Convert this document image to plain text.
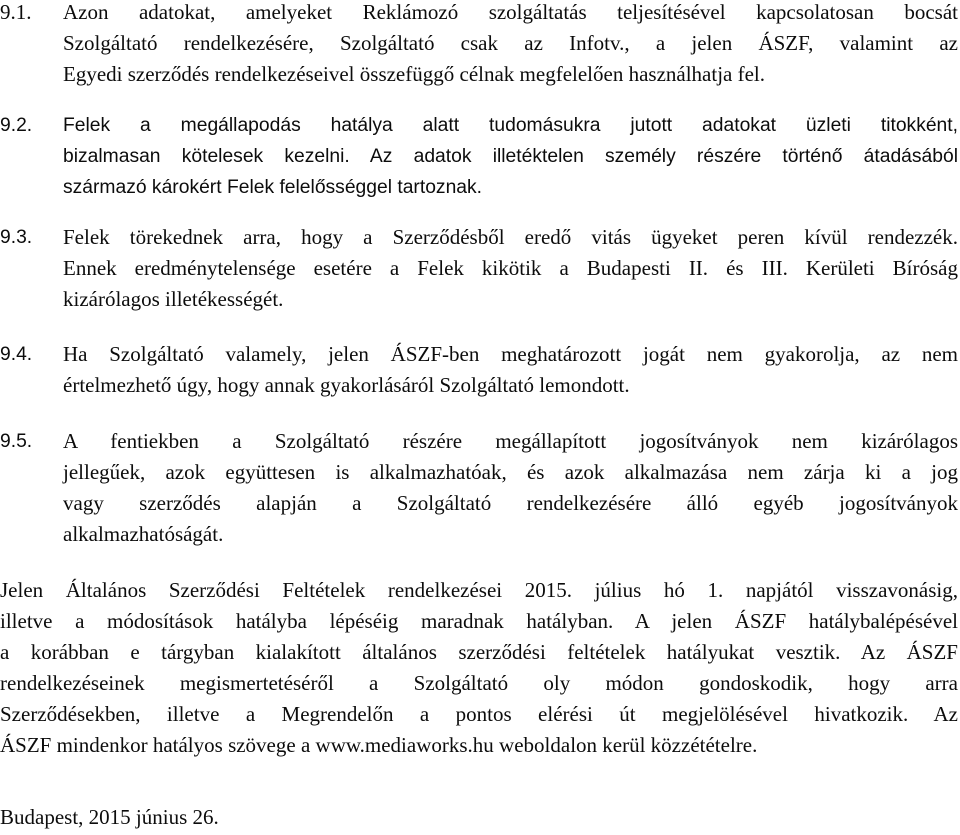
9.1.	Azon adatokat, amelyeket Reklámozó szolgáltatás teljesítésével kapcsolatosan bocsát
Szolgáltató rendelkezésére, Szolgáltató csak az Infotv., a jelen ÁSZF, valamint az
Egyedi szerződés rendelkezéseivel összefüggő célnak megfelelően használhatja fel.
9.2.	Felek a megállapodás hatálya alatt tudomásukra jutott adatokat üzleti titokként,
bizalmasan kötelesek kezelni. Az adatok illetéktelen személy részére történő átadásából
származó károkért Felek felelősséggel tartoznak.
9.3.	Felek törekednek arra, hogy a Szerződésből eredő vitás ügyeket peren kívül rendezzék.
Ennek eredménytelensége esetére a Felek kikötik a Budapesti II. és III. Kerületi Bíróság
kizárólagos illetékességét.
9.4.	Ha Szolgáltató valamely, jelen ÁSZF-ben meghatározott jogát nem gyakorolja, az nem
értelmezhető úgy, hogy annak gyakorlásáról Szolgáltató lemondott.
9.5.	A fentiekben a Szolgáltató részére megállapított jogosítványok nem kizárólagos
jellegűek, azok együttesen is alkalmazhatóak, és azok alkalmazása nem zárja ki a jog
vagy szerződés alapján a Szolgáltató rendelkezésére álló egyéb jogosítványok
alkalmazhatóságát.
Jelen Általános Szerződési Feltételek rendelkezései 2015. július hó 1. napjától visszavonásig,
illetve a módosítások hatályba lépéséig maradnak hatályban. A jelen ÁSZF hatálybalépésével
a korábban e tárgyban kialakított általános szerződési feltételek hatályukat vesztik. Az ÁSZF
rendelkezéseinek megismertetéséről a Szolgáltató oly módon gondoskodik, hogy arra
Szerződésekben, illetve a Megrendelőn a pontos elérési út megjelölésével hivatkozik. Az
ÁSZF mindenkor hatályos szövege a www.mediaworks.hu weboldalon kerül közzétételre.
Budapest, 2015 június 26.
